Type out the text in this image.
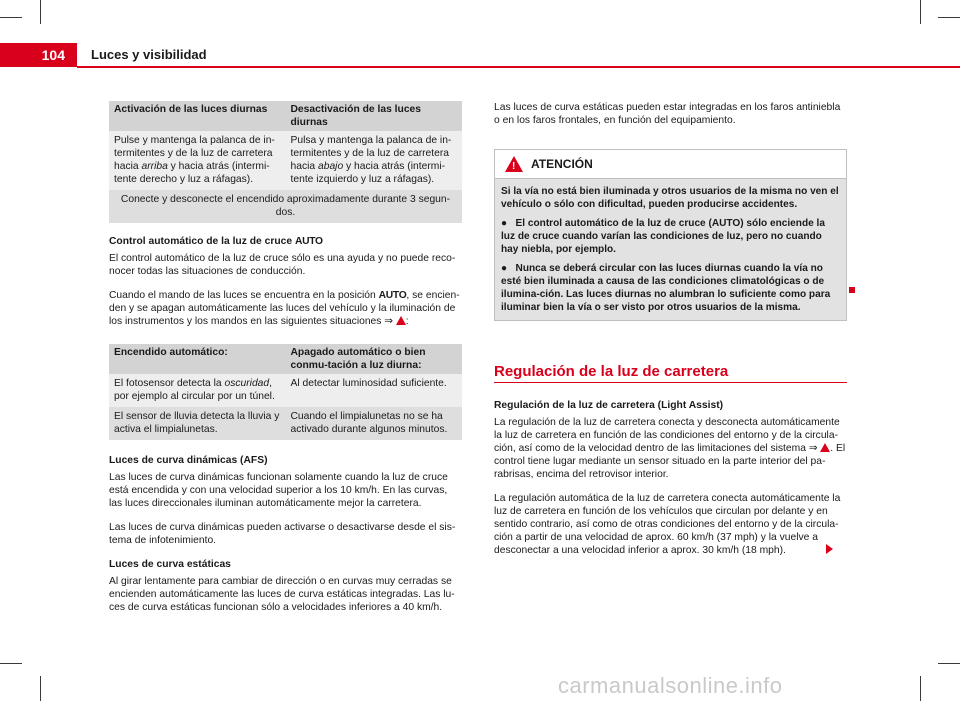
104	Luces y visibilidad
Activación de las luces diurnas	Desactivación de las luces diurnas
Pulse y mantenga la palanca de in-termitentes y de la luz de carretera hacia arriba y hacia atrás (intermi-tente derecho y luz a ráfagas).	Pulsa y mantenga la palanca de in-termitentes y de la luz de carretera hacia abajo y hacia atrás (intermi-tente izquierdo y luz a ráfagas).
Conecte y desconecte el encendido aproximadamente durante 3 segun-dos.	

Control automático de la luz de cruce AUTO

El control automático de la luz de cruce sólo es una ayuda y no puede reco-nocer todas las situaciones de conducción.

Cuando el mando de las luces se encuentra en la posición AUTO, se encien-den y se apagan automáticamente las luces del vehículo y la iluminación de los instrumentos y los mandos en las siguientes situaciones ⇒ :

Encendido automático:	Apagado automático o bien conmu-tación a luz diurna:
El fotosensor detecta la oscuridad, por ejemplo al circular por un túnel.	Al detectar luminosidad suficiente.
El sensor de lluvia detecta la lluvia y activa el limpialunetas.	Cuando el limpialunetas no se ha activado durante algunos minutos.

Luces de curva dinámicas (AFS)

Las luces de curva dinámicas funcionan solamente cuando la luz de cruce está encendida y con una velocidad superior a los 10 km/h. En las curvas, las luces direccionales iluminan automáticamente mejor la carretera.

Las luces de curva dinámicas pueden activarse o desactivarse desde el sis-tema de infotenimiento.

Luces de curva estáticas

Al girar lentamente para cambiar de dirección o en curvas muy cerradas se encienden automáticamente las luces de curva estáticas integradas. Las lu-ces de curva estáticas funcionan sólo a velocidades inferiores a 40 km/h.

Las luces de curva estáticas pueden estar integradas en los faros antiniebla o en los faros frontales, en función del equipamiento.

! ATENCIÓN

Si la vía no está bien iluminada y otros usuarios de la misma no ven el vehículo o sólo con dificultad, pueden producirse accidentes.

● El control automático de la luz de cruce (AUTO) sólo enciende la luz de cruce cuando varían las condiciones de luz, pero no cuando hay niebla, por ejemplo.

● Nunca se deberá circular con las luces diurnas cuando la vía no esté bien iluminada a causa de las condiciones climatológicas o de ilumina-ción. Las luces diurnas no alumbran lo suficiente como para iluminar bien la vía o ser visto por otros usuarios de la misma.

Regulación de la luz de carretera

Regulación de la luz de carretera (Light Assist)

La regulación de la luz de carretera conecta y desconecta automáticamente la luz de carretera en función de las condiciones del entorno y de la circula-ción, así como de la velocidad dentro de las limitaciones del sistema ⇒ . El control tiene lugar mediante un sensor situado en la parte interior del pa-rabrisas, encima del retrovisor interior.

La regulación automática de la luz de carretera conecta automáticamente la luz de carretera en función de los vehículos que circulan por delante y en sentido contrario, así como de otras condiciones del entorno y de la circula-ción a partir de una velocidad de aprox. 60 km/h (37 mph) y la vuelve a desconectar a una velocidad inferior a aprox. 30 km/h (18 mph).

carmanualsonline.info
